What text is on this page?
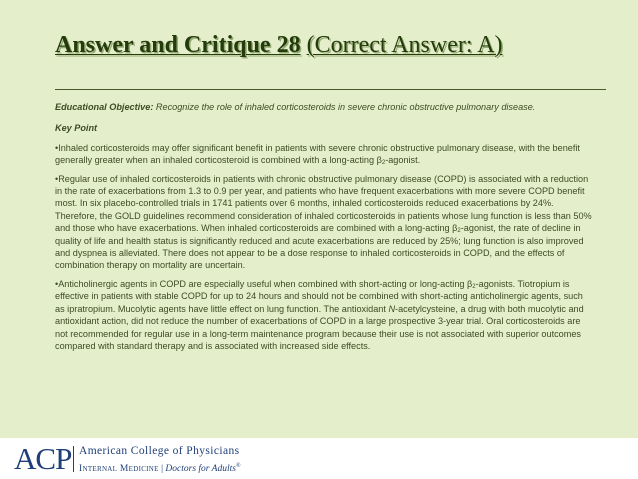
Answer and Critique 28 (Correct Answer: A)

Educational Objective: Recognize the role of inhaled corticosteroids in severe chronic obstructive pulmonary disease.

Key Point

•Inhaled corticosteroids may offer significant benefit in patients with severe chronic obstructive pulmonary disease, with the benefit generally greater when an inhaled corticosteroid is combined with a long-acting $\beta_2$-agonist.

•Regular use of inhaled corticosteroids in patients with chronic obstructive pulmonary disease (COPD) is associated with a reduction in the rate of exacerbations from 1.3 to 0.9 per year, and patients who have frequent exacerbations with more severe COPD benefit most. In six placebo-controlled trials in 1741 patients over 6 months, inhaled corticosteroids reduced exacerbations by 24%. Therefore, the GOLD guidelines recommend consideration of inhaled corticosteroids in patients whose lung function is less than 50% and those who have exacerbations. When inhaled corticosteroids are combined with a long-acting $\beta_2$-agonist, the rate of decline in quality of life and health status is significantly reduced and acute exacerbations are reduced by 25%; lung function is also improved and dyspnea is alleviated. There does not appear to be a dose response to inhaled corticosteroids in COPD, and the effects of combination therapy on mortality are uncertain.

•Anticholinergic agents in COPD are especially useful when combined with short-acting or long-acting $\beta_2$-agonists. Tiotropium is effective in patients with stable COPD for up to 24 hours and should not be combined with short-acting anticholinergic agents, such as ipratropium. Mucolytic agents have little effect on lung function. The antioxidant N-acetylcysteine, a drug with both mucolytic and antioxidant action, did not reduce the number of exacerbations of COPD in a large prospective 3-year trial. Oral corticosteroids are not recommended for regular use in a long-term maintenance program because their use is not associated with superior outcomes compared with standard therapy and is associated with increased side effects.

ACP American College of Physicians
Internal Medicine | Doctors for Adults®
